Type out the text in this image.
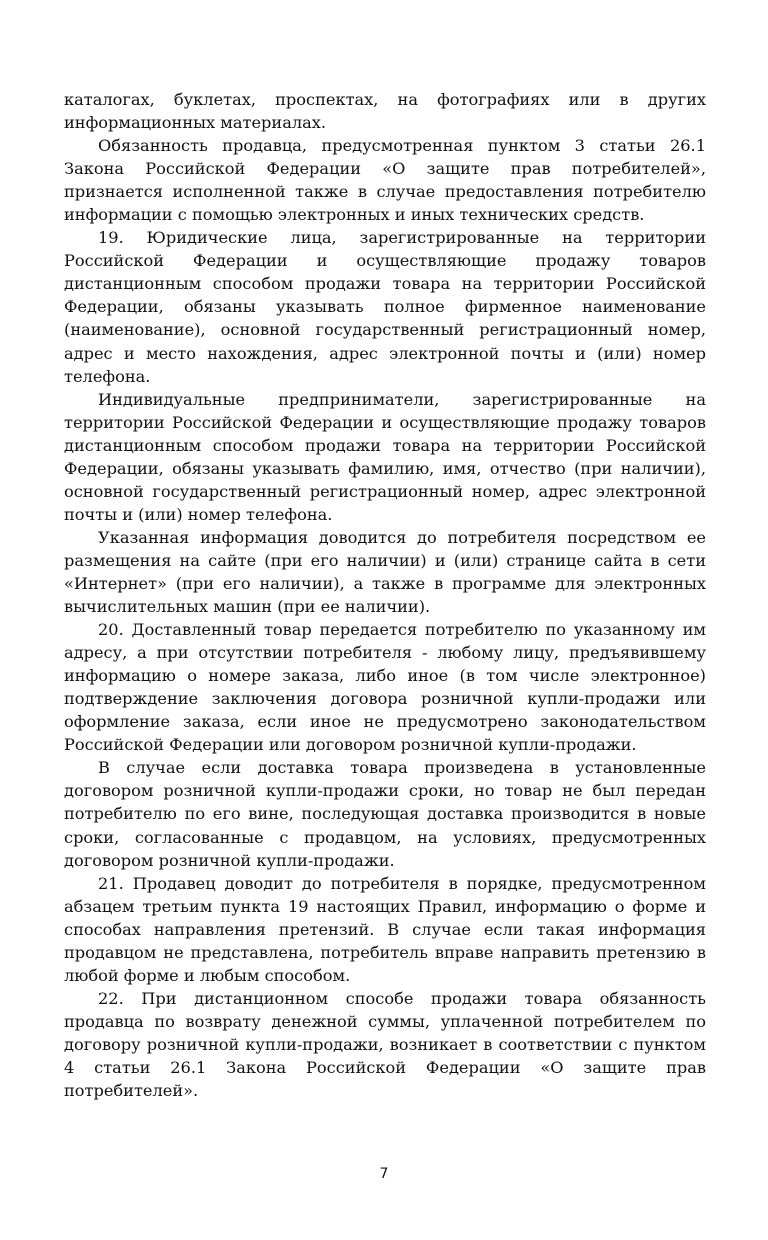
каталогах, буклетах, проспектах, на фотографиях или в других информационных материалах.

Обязанность продавца, предусмотренная пунктом 3 статьи 26.1 Закона Российской Федерации «О защите прав потребителей», признается исполненной также в случае предоставления потребителю информации с помощью электронных и иных технических средств.

19. Юридические лица, зарегистрированные на территории Российской Федерации и осуществляющие продажу товаров дистанционным способом продажи товара на территории Российской Федерации, обязаны указывать полное фирменное наименование (наименование), основной государственный регистрационный номер, адрес и место нахождения, адрес электронной почты и (или) номер телефона.

Индивидуальные предприниматели, зарегистрированные на территории Российской Федерации и осуществляющие продажу товаров дистанционным способом продажи товара на территории Российской Федерации, обязаны указывать фамилию, имя, отчество (при наличии), основной государственный регистрационный номер, адрес электронной почты и (или) номер телефона.

Указанная информация доводится до потребителя посредством ее размещения на сайте (при его наличии) и (или) странице сайта в сети «Интернет» (при его наличии), а также в программе для электронных вычислительных машин (при ее наличии).

20. Доставленный товар передается потребителю по указанному им адресу, а при отсутствии потребителя - любому лицу, предъявившему информацию о номере заказа, либо иное (в том числе электронное) подтверждение заключения договора розничной купли-продажи или оформление заказа, если иное не предусмотрено законодательством Российской Федерации или договором розничной купли-продажи.

В случае если доставка товара произведена в установленные договором розничной купли-продажи сроки, но товар не был передан потребителю по его вине, последующая доставка производится в новые сроки, согласованные с продавцом, на условиях, предусмотренных договором розничной купли-продажи.

21. Продавец доводит до потребителя в порядке, предусмотренном абзацем третьим пункта 19 настоящих Правил, информацию о форме и способах направления претензий. В случае если такая информация продавцом не представлена, потребитель вправе направить претензию в любой форме и любым способом.

22. При дистанционном способе продажи товара обязанность продавца по возврату денежной суммы, уплаченной потребителем по договору розничной купли-продажи, возникает в соответствии с пунктом 4 статьи 26.1 Закона Российской Федерации «О защите прав потребителей».

7
